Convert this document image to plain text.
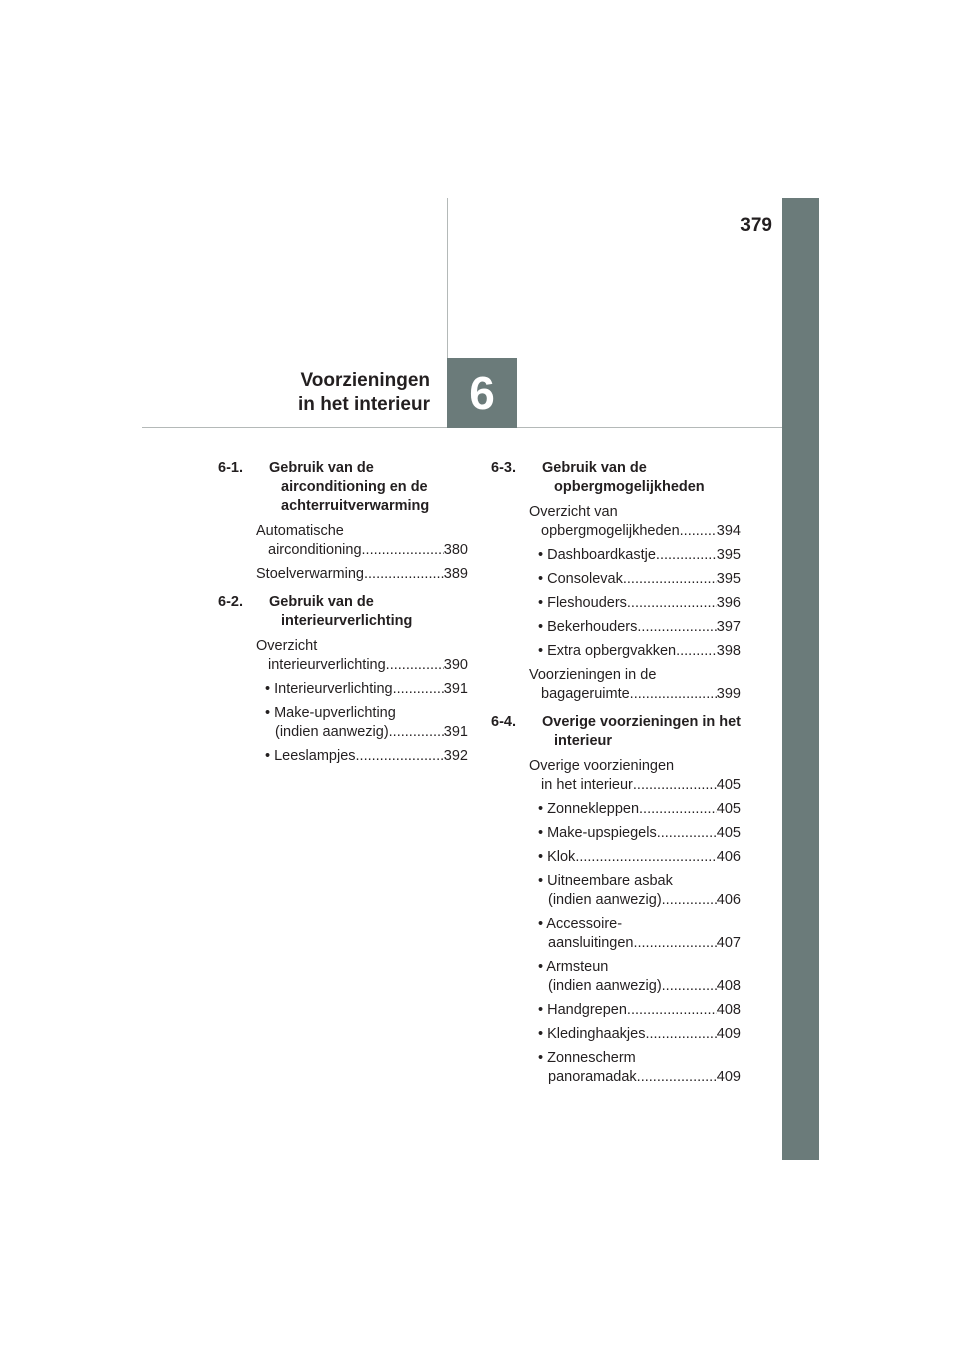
379
6
Voorzieningen
in het interieur
6-1. Gebruik van de airconditioning en de achterruitverwarming
Automatische
airconditioning .....	380
Stoelverwarming .....	389
6-2. Gebruik van de interieurverlichting
Overzicht
interieurverlichting .....	390
• Interieurverlichting .....	391
• Make-upverlichting
(indien aanwezig) .....	391
• Leeslampjes .....	392
6-3. Gebruik van de opbergmogelijkheden
Overzicht van
opbergmogelijkheden .....	394
• Dashboardkastje .....	395
• Consolevak .....	395
• Fleshouders .....	396
• Bekerhouders .....	397
• Extra opbergvakken .....	398
Voorzieningen in de
bagageruimte .....	399
6-4. Overige voorzieningen in het interieur
Overige voorzieningen
in het interieur .....	405
• Zonnekleppen .....	405
• Make-upspiegels .....	405
• Klok .....	406
• Uitneembare asbak
(indien aanwezig) .....	406
• Accessoire-
aansluitingen .....	407
• Armsteun
(indien aanwezig) .....	408
• Handgrepen .....	408
• Kledinghaakjes .....	409
• Zonnescherm
panoramadak .....	409
